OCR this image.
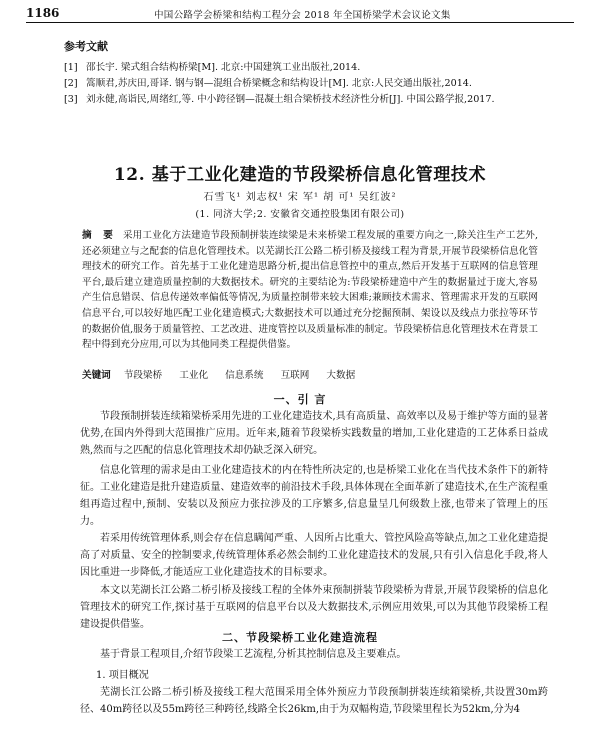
1186	中国公路学会桥梁和结构工程分会 2018 年全国桥梁学术会议论文集
参考文献
[1] 邵长宇. 梁式组合结构桥梁[M]. 北京:中国建筑工业出版社,2014.
[2] 篙顺君,苏庆田,哥译. 钢与钢—混组合桥梁概念和结构设计[M]. 北京:人民交通出版社,2014.
[3] 刘永健,高诣民,周绪红,等. 中小跨径钢—混凝土组合梁桥技术经济性分析[J]. 中国公路学报,2017.
12. 基于工业化建造的节段梁桥信息化管理技术
石雪飞¹ 刘志权¹ 宋 军¹ 胡 可¹ 吴红波²
(1. 同济大学;2. 安徽省交通控股集团有限公司)
摘 要 采用工业化方法建造节段预制拼装连续梁是未来桥梁工程发展的重要方向之一,除关注生产工艺外,还必须建立与之配套的信息化管理技术。以芜湖长江公路二桥引桥及接线工程为背景,开展节段梁桥信息化管理技术的研究工作。首先基于工业化建造思路分析,提出信息管控中的重点,然后开发基于互联网的信息管理平台,最后建立建造质量控制的大数据技术。研究的主要结论为:节段梁桥建造中产生的数据量过于庞大,容易产生信息错误、信息传递效率偏低等情况,为质量控制带来较大困难;兼顾技术需求、管理需求开发的互联网信息平台,可以较好地匹配工业化建造模式;大数据技术可以通过充分挖掘预制、架设以及线点力张拉等环节的数据价值,服务于质量管控、工艺改进、进度管控以及质量标准的制定。节段梁桥信息化管理技术在背景工程中得到充分应用,可以为其他同类工程提供借鉴。
关键词 节段梁桥 工业化 信息系统 互联网 大数据
一、引 言
节段预制拼装连续箱梁桥采用先进的工业化建造技术,具有高质量、高效率以及易于维护等方面的显著优势,在国内外得到大范围推广应用。近年来,随着节段梁桥实践数量的增加,工业化建造的工艺体系日益成熟,然而与之匹配的信息化管理技术却仍缺乏深入研究。
信息化管理的需求是由工业化建造技术的内在特性所决定的,也是桥梁工业化在当代技术条件下的新特征。工业化建造是批升建造质量、建造效率的前沿技术手段,具体体现在全面革新了建造技术,在生产流程重组再造过程中,预制、安装以及预应力张拉涉及的工序繁多,信息量呈几何级数上涨,也带来了管理上的压力。
若采用传统管理体系,则会存在信息瞒闻严重、人因所占比重大、管控风险高等缺点,加之工业化建造提高了对质量、安全的控制要求,传统管理体系必然会制约工业化建造技术的发展,只有引入信息化手段,将人因比重进一步降低,才能适应工业化建造技术的目标要求。
本文以芜湖长江公路二桥引桥及接线工程的全体外束预制拼装节段梁桥为背景,开展节段梁桥的信息化管理技术的研究工作,探讨基于互联网的信息平台以及大数据技术,示例应用效果,可以为其他节段梁桥工程建设提供借鉴。
二、节段梁桥工业化建造流程
基于背景工程项目,介绍节段梁工艺流程,分析其控制信息及主要难点。
1. 项目概况
芜湖长江公路二桥引桥及接线工程大范围采用全体外预应力节段预制拼装连续箱梁桥,共设置30m跨径、40m跨径以及55m跨径三种跨径,线路全长26km,由于为双幅构造,节段梁里程长为52km,分为4
